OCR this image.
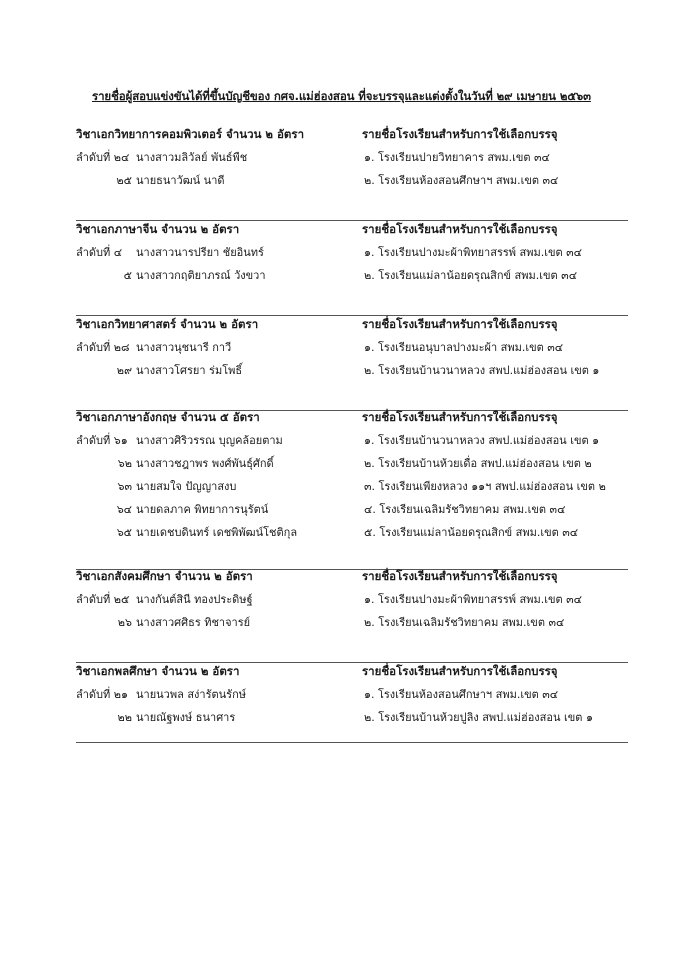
รายชื่อผู้สอบแข่งขันได้ที่ขึ้นบัญชีของ กศจ.แม่ฮ่องสอน ที่จะบรรจุและแต่งตั้งในวันที่ ๒๙ เมษายน ๒๕๖๓
วิชาเอกวิทยาการคอมพิวเตอร์ จำนวน ๒ อัตรา
ลำดับที่ ๒๔ นางสาวมลิวัลย์ พันธ์พืช
๒๕ นายธนาวัฒน์ นาดี
รายชื่อโรงเรียนสำหรับการใช้เลือกบรรจุ
๑. โรงเรียนปายวิทยาคาร สพม.เขต ๓๔
๒. โรงเรียนห้องสอนศึกษาฯ สพม.เขต ๓๔
วิชาเอกภาษาจีน จำนวน ๒ อัตรา
ลำดับที่ ๔ นางสาวนารปรียา ชัยอินทร์
๕ นางสาวกฤติยาภรณ์ วังขวา
รายชื่อโรงเรียนสำหรับการใช้เลือกบรรจุ
๑. โรงเรียนปางมะผ้าพิทยาสรรพ์ สพม.เขต ๓๔
๒. โรงเรียนแม่ลาน้อยดรุณสิกข์ สพม.เขต ๓๔
วิชาเอกวิทยาศาสตร์ จำนวน ๒ อัตรา
ลำดับที่ ๒๘ นางสาวนุชนารี กาวี
๒๙ นางสาวโศรยา ร่มโพธิ์
รายชื่อโรงเรียนสำหรับการใช้เลือกบรรจุ
๑. โรงเรียนอนุบาลปางมะผ้า สพม.เขต ๓๔
๒. โรงเรียนบ้านวนาหลวง สพป.แม่ฮ่องสอน เขต ๑
วิชาเอกภาษาอังกฤษ จำนวน ๕ อัตรา
ลำดับที่ ๖๑ นางสาวศิริวรรณ บุญคล้อยตาม
๖๒ นางสาวชฎาพร พงศ์พันธุ์ศักดิ์
๖๓ นายสมใจ ปัญญาสงบ
๖๔ นายดลภาค พิทยาการนุรัตน์
๖๕ นายเดชบดินทร์ เดชพิพัฒน์โชติกุล
รายชื่อโรงเรียนสำหรับการใช้เลือกบรรจุ
๑. โรงเรียนบ้านวนาหลวง สพป.แม่ฮ่องสอน เขต ๑
๒. โรงเรียนบ้านห้วยเดื่อ สพป.แม่ฮ่องสอน เขต ๒
๓. โรงเรียนเพียงหลวง ๑๑ฯ สพป.แม่ฮ่องสอน เขต ๒
๔. โรงเรียนเฉลิมรัชวิทยาคม สพม.เขต ๓๔
๕. โรงเรียนแม่ลาน้อยดรุณสิกข์ สพม.เขต ๓๔
วิชาเอกสังคมศึกษา จำนวน ๒ อัตรา
ลำดับที่ ๒๕ นางกันต์สินี ทองประดิษฐ์
๒๖ นางสาวศศิธร ทิชาจารย์
รายชื่อโรงเรียนสำหรับการใช้เลือกบรรจุ
๑. โรงเรียนปางมะผ้าพิทยาสรรพ์ สพม.เขต ๓๔
๒. โรงเรียนเฉลิมรัชวิทยาคม สพม.เขต ๓๔
วิชาเอกพลศึกษา จำนวน ๒ อัตรา
ลำดับที่ ๒๑ นายนวพล สง่ารัตนรักษ์
๒๒ นายณัฐพงษ์ ธนาศาร
รายชื่อโรงเรียนสำหรับการใช้เลือกบรรจุ
๑. โรงเรียนห้องสอนศึกษาฯ สพม.เขต ๓๔
๒. โรงเรียนบ้านห้วยปูลิง สพป.แม่ฮ่องสอน เขต ๑
